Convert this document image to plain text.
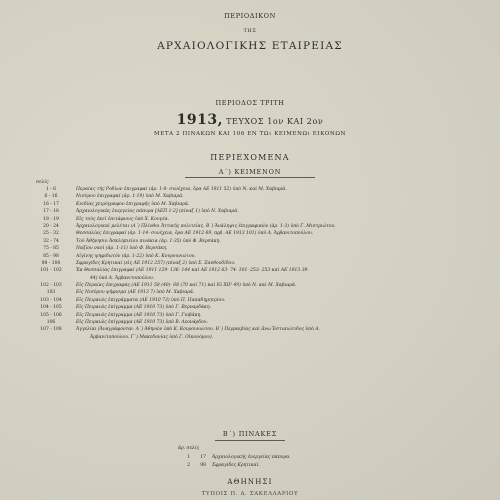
ΠΕΡΙΟΔΙΚΟΝ
ΤΗΣ
ΑΡΧΑΙΟΛΟΓΙΚΗΣ ΕΤΑΙΡΕΙΑΣ
ΠΕΡΙΟΔΟΣ ΤΡΙΤΗ
1913, ΤΕΥΧΟΣ 1ον ΚΑΙ 2ον
ΜΕΤΑ 2 ΠΙΝΑΚΩΝ ΚΑΙ 106 ΕΝ ΤΩι ΚΕΙΜΕΝΩι ΕΙΚΟΝΩΝ
ΠΕΡΙΕΧΟΜΕΝΑ
Α΄) ΚΕΙΜΕΝΟΝ
σελίς
1 - 6	Περαίας τῆς Ροδίων ἐπιγραφαί (ἀρ. 1-8· συνέχεια, ὅρα ΑΕ 1911 52) ὑπὸ Ν. καὶ Μ. Χαβιαρᾶ.
6 - 16	Νισύρου ἐπιγραφαί (ἀρ. 1-19) ὑπὸ Μ. Χαβιαρᾶ.
16 - 17	Κνιδίας χειρόγραφον ἐπιγραφῆς ὑπὸ Μ. Χαβιαρᾶ.
17 - 18	Ἀρχαιολογικὰς ἐνεργείας πάπυρα [ΑΕΠ 1-2] (πίναξ 1) ὑπὸ Ν. Χαβιαρᾶ.
18 - 19	Εἰς τοὺς ἐκεῖ ἐπιτάφιους ὑπὸ Χ. Κουγέα.
20 - 24	Ἀρχαιολογικαὶ μελέται (Α΄) Πλίνθοι Ἀττικῆς πολιτείας. Β΄) Ἀνάληψις ἐπιγραφικῶν (ἀρ. 1-3) ὑπὸ Γ. Μιστριώτου.
25 - 32	Θεσσαλίας ἐπιγραφαί (ἀρ. 1-14· συνέχεια, ὅρα ΑΕ 1912 69, πρβ. ΑΕ 1913 101) ὑπὸ Α. Ἀρβανιτοπούλου.
32 - 74	Τοῦ Ἀθήνησιν Ἀσκληπιείου πινάκια (ἀρ. 1-35) ὑπὸ Φ. Βερσάκη.
75 - 85	Ναξίου ναοὶ (ἀρ. 1-11) ὑπὸ Φ. Βερσάκη.
85 - 98	Αἰγίνης ψηφιδωτόν (ἀρ. 1-22) ὑπὸ Κ. Κουρουνιώτου.
98 - 100	Σφραγίδες Κρητικαί (εἰς ΑΕ 1912 257) (πίναξ 2) ὑπὸ Σ. Ξανθουδίδου.
101 - 102	Ἐκ Θεσσαλίας ἐπιγραφαί (ΑΕ 1911 129· 136· 144 καὶ ΑΕ 1912 63· 74· 101· 253· 253 καὶ ΑΕ 1913 39·
44) ὑπὸ Α. Ἀρβανιτοπούλου.
102 - 103	Εἰς Περαίας ἐπιγραφὰς (ΑΕ 1911 58 (40)· 68 (70 καὶ 71) καὶ IG XII² 49) ὑπὸ Ν. καὶ Μ. Χαβιαρᾶ.
103	Εἰς Νισύρου ψήφισμα (ΑΕ 1913 7) ὑπὸ Μ. Χαβιαρᾶ.
103 - 104	Εἰς Πειραιῶς ἐπιγράμματα (ΑΕ 1910 73) ὑπὸ Π. Παπαδημητρίου.
104 - 105	Εἰς Πειραιῶς ἐπίγραμμα (ΑΕ 1910 73) ὑπὸ Γ. Βερναρδάκη.
105 - 106	Εἰς Πειραιῶς ἐπίγραμμα (ΑΕ 1910 73) ὑπὸ Γ. Γιοβάκη.
106	Εἰς Πειραιῶς ἐπίγραμμα (ΑΕ 1910 73) ὑπὸ Β. Λεονάρδου.
107 - 108	Ἀγγελίαι (Ἀναγράφονται· Α΄) Ἀθηνῶν ὑπὸ Κ. Κουρουνιώτου. Β΄) Περραιβίας καὶ ἄνω Ἑστιαιώτιδος ὑπὸ Α.
Ἀρβανιτοπούλου. Γ΄) Μακεδονίας ὑπὸ Γ. Οἰκονόμου).
Β΄) ΠΙΝΑΚΕΣ
ἀρ. σελίς
1 17 Ἀρχαιολογικῆς ἐνεργείας πάπυρα.
2 98 Σφραγίδες Κρητικαί.
ΑΘΗΝΗΣΙ
ΤΥΠΟΙΣ Π. Δ. ΣΑΚΕΛΛΑΡΙΟΥ
